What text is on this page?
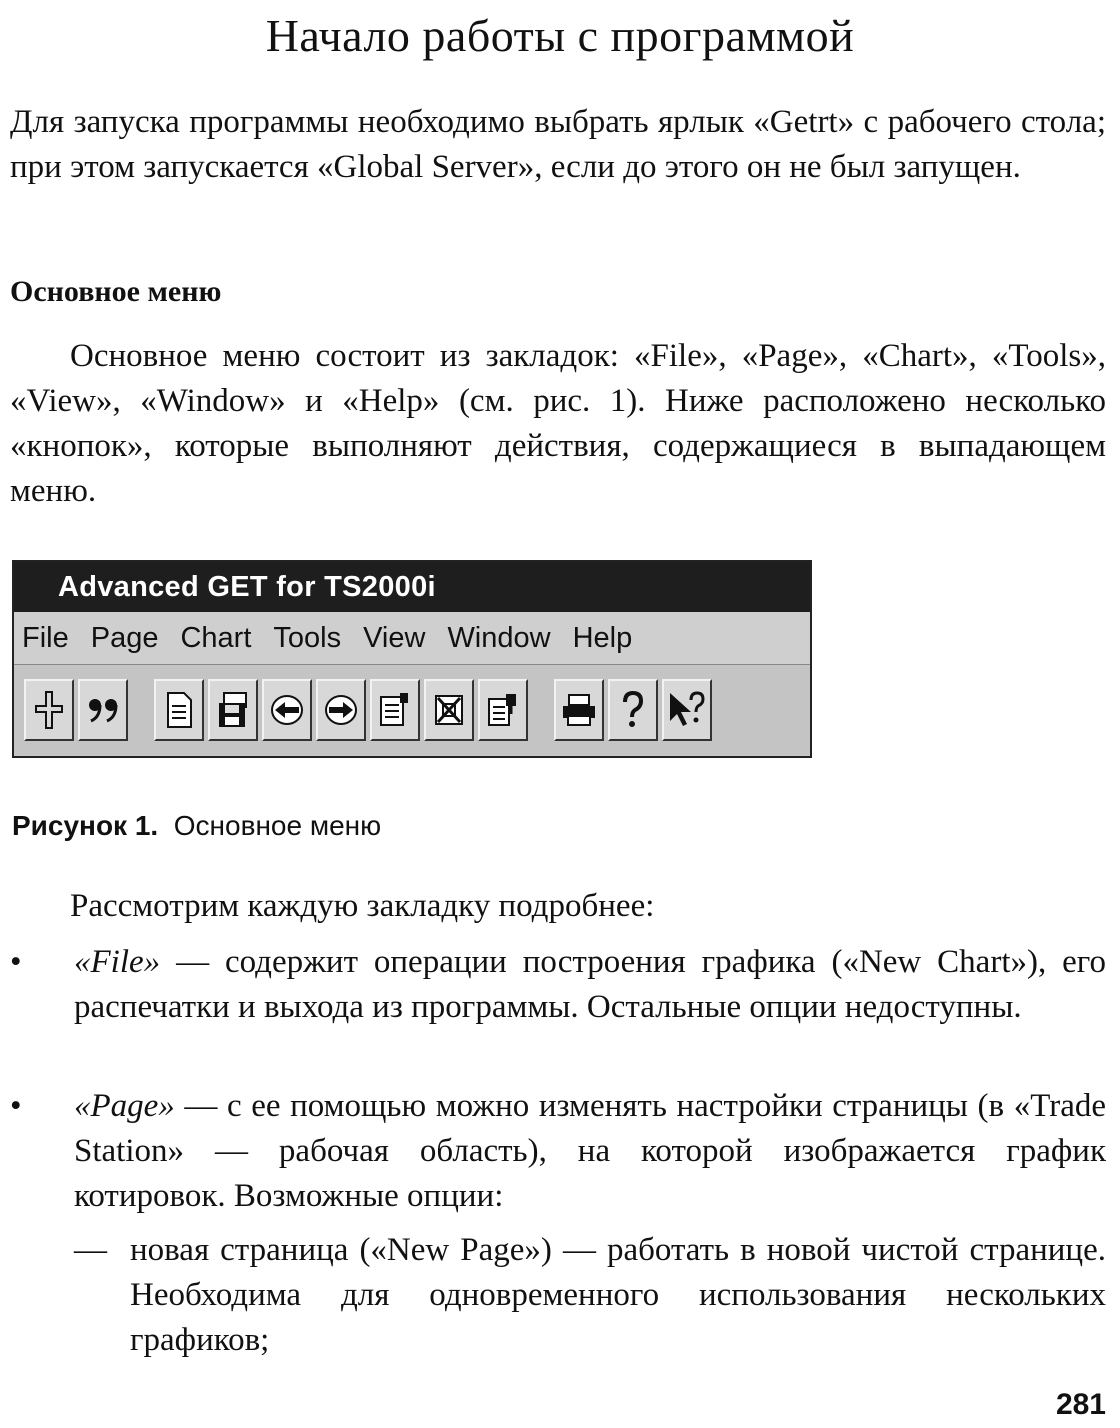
Начало работы с программой

Для запуска программы необходимо выбрать ярлык «Getrt» с рабочего стола; при этом запускается «Global Server», если до этого он не был запущен.

Основное меню

Основное меню состоит из закладок: «File», «Page», «Chart», «Tools», «View», «Window» и «Help» (см. рис. 1). Ниже расположено несколько «кнопок», которые выполняют действия, содержащиеся в выпадающем меню.

Advanced GET for TS2000i
File Page Chart Tools View Window Help
Рисунок 1. Основное меню

Рассмотрим каждую закладку подробнее:

•	«File» — содержит операции построения графика («New Chart»), его распечатки и выхода из программы. Остальные опции недоступны.
•	«Page» — с ее помощью можно изменять настройки страницы (в «Trade Station» — рабочая область), на которой изображается график котировок. Возможные опции:
— новая страница («New Page») — работать в новой чистой странице. Необходима для одновременного использования нескольких графиков;
281
